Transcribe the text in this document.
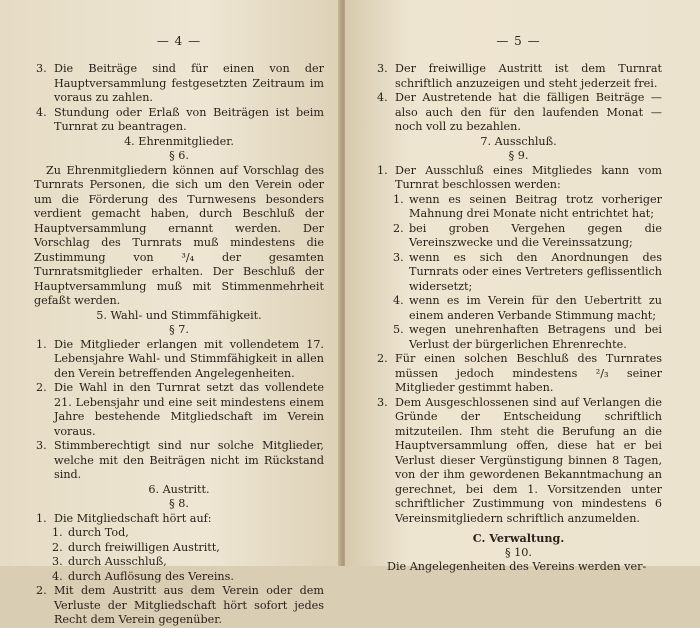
— 4 —
3. Die Beiträge sind für einen von der Hauptversammlung festgesetzten Zeitraum im voraus zu zahlen.
4. Stundung oder Erlaß von Beiträgen ist beim Turnrat zu beantragen.
4. Ehrenmitglieder.
§ 6.
Zu Ehrenmitgliedern können auf Vorschlag des Turnrats Personen, die sich um den Verein oder um die Förderung des Turnwesens besonders verdient gemacht haben, durch Beschluß der Hauptversammlung ernannt werden. Der Vorschlag des Turnrats muß mindestens die Zustimmung von ³/₄ der gesamten Turnratsmitglieder erhalten. Der Beschluß der Hauptversammlung muß mit Stimmenmehrheit gefaßt werden.
5. Wahl- und Stimmfähigkeit.
§ 7.
1. Die Mitglieder erlangen mit vollendetem 17. Lebensjahre Wahl- und Stimmfähigkeit in allen den Verein betreffenden Angelegenheiten.
2. Die Wahl in den Turnrat setzt das vollendete 21. Lebensjahr und eine seit mindestens einem Jahre bestehende Mitgliedschaft im Verein voraus.
3. Stimmberechtigt sind nur solche Mitglieder, welche mit den Beiträgen nicht im Rückstand sind.
6. Austritt.
§ 8.
1. Die Mitgliedschaft hört auf:
1. durch Tod,
2. durch freiwilligen Austritt,
3. durch Ausschluß,
4. durch Auflösung des Vereins.
2. Mit dem Austritt aus dem Verein oder dem Verluste der Mitgliedschaft hört sofort jedes Recht dem Verein gegenüber.
— 5 —
3. Der freiwillige Austritt ist dem Turnrat schriftlich anzuzeigen und steht jederzeit frei.
4. Der Austretende hat die fälligen Beiträge — also auch den für den laufenden Monat — noch voll zu bezahlen.
7. Ausschluß.
§ 9.
1. Der Ausschluß eines Mitgliedes kann vom Turnrat beschlossen werden:
1. wenn es seinen Beitrag trotz vorheriger Mahnung drei Monate nicht entrichtet hat;
2. bei groben Vergehen gegen die Vereinszwecke und die Vereinssatzung;
3. wenn es sich den Anordnungen des Turnrats oder eines Vertreters geflissentlich widersetzt;
4. wenn es im Verein für den Uebertritt zu einem anderen Verbande Stimmung macht;
5. wegen unehrenhaften Betragens und bei Verlust der bürgerlichen Ehrenrechte.
2. Für einen solchen Beschluß des Turnrates müssen jedoch mindestens ²/₃ seiner Mitglieder gestimmt haben.
3. Dem Ausgeschlossenen sind auf Verlangen die Gründe der Entscheidung schriftlich mitzuteilen. Ihm steht die Berufung an die Hauptversammlung offen, diese hat er bei Verlust dieser Vergünstigung binnen 8 Tagen, von der ihm gewordenen Bekanntmachung an gerechnet, bei dem 1. Vorsitzenden unter schriftlicher Zustimmung von mindestens 6 Vereinsmitgliedern schriftlich anzumelden.
C. Verwaltung.
§ 10.
Die Angelegenheiten des Vereins werden ver-
